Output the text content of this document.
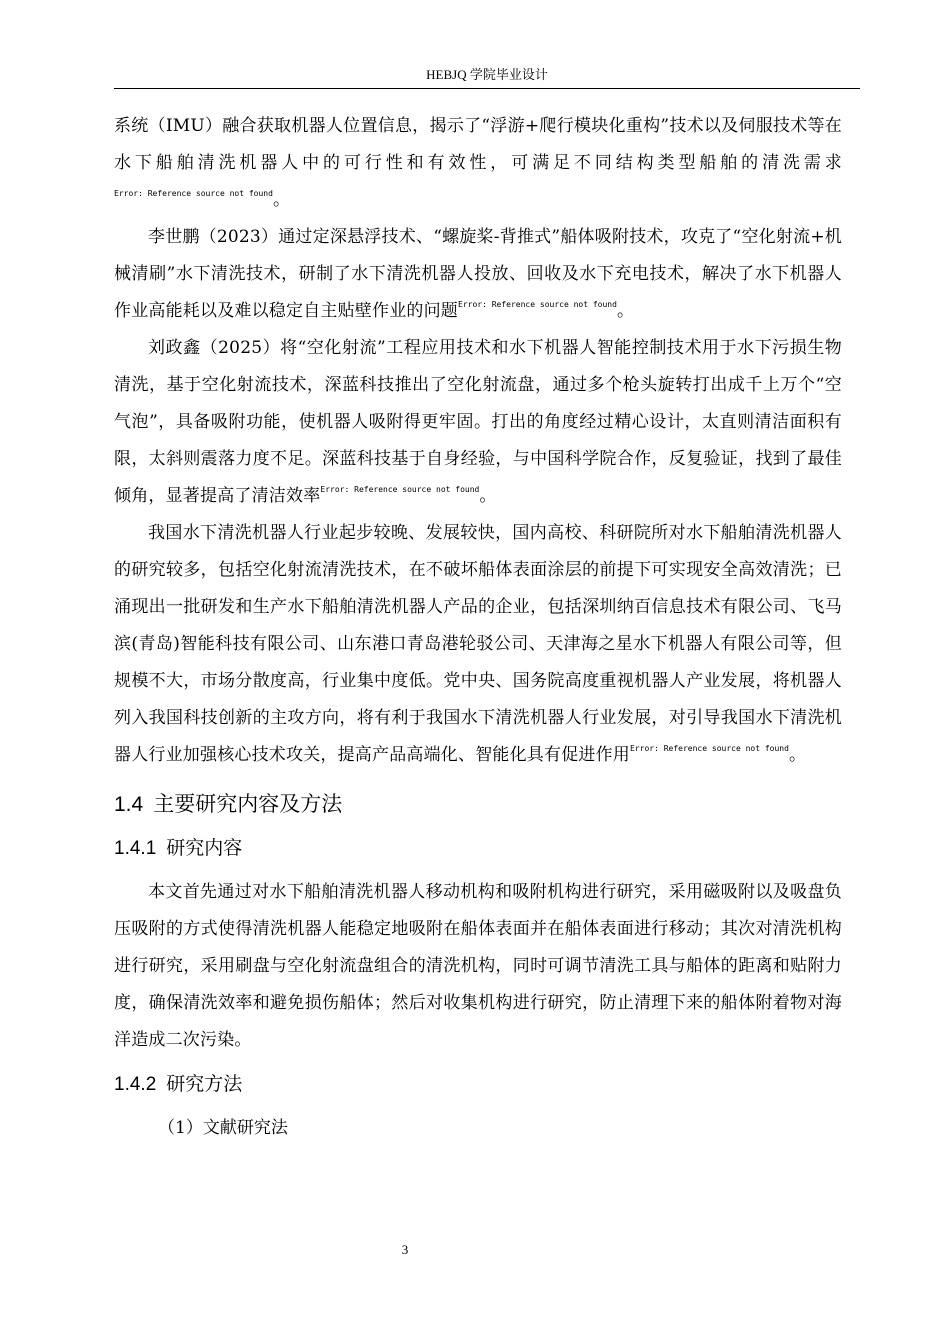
HEBJQ 学院毕业设计

系统（IMU）融合获取机器人位置信息，揭示了“浮游+爬行模块化重构”技术以及伺服技术等在水下船舶清洗机器人中的可行性和有效性，可满足不同结构类型船舶的清洗需求$^{Error: Reference source not found}$。

李世鹏（2023）通过定深悬浮技术、“螺旋桨-背推式”船体吸附技术，攻克了“空化射流+机械清刷”水下清洗技术，研制了水下清洗机器人投放、回收及水下充电技术，解决了水下机器人作业高能耗以及难以稳定自主贴壁作业的问题$^{Error: Reference source not found}$。

刘政鑫（2025）将“空化射流”工程应用技术和水下机器人智能控制技术用于水下污损生物清洗，基于空化射流技术，深蓝科技推出了空化射流盘，通过多个枪头旋转打出成千上万个“空气泡”，具备吸附功能，使机器人吸附得更牢固。打出的角度经过精心设计，太直则清洁面积有限，太斜则震落力度不足。深蓝科技基于自身经验，与中国科学院合作，反复验证，找到了最佳倾角，显著提高了清洁效率$^{Error: Reference source not found}$。

我国水下清洗机器人行业起步较晚、发展较快，国内高校、科研院所对水下船舶清洗机器人的研究较多，包括空化射流清洗技术，在不破坏船体表面涂层的前提下可实现安全高效清洗；已涌现出一批研发和生产水下船舶清洗机器人产品的企业，包括深圳纳百信息技术有限公司、飞马滨(青岛)智能科技有限公司、山东港口青岛港轮驳公司、天津海之星水下机器人有限公司等，但规模不大，市场分散度高，行业集中度低。党中央、国务院高度重视机器人产业发展，将机器人列入我国科技创新的主攻方向，将有利于我国水下清洗机器人行业发展，对引导我国水下清洗机器人行业加强核心技术攻关，提高产品高端化、智能化具有促进作用$^{Error: Reference source not found}$。

1.4 主要研究内容及方法
1.4.1 研究内容

本文首先通过对水下船舶清洗机器人移动机构和吸附机构进行研究，采用磁吸附以及吸盘负压吸附的方式使得清洗机器人能稳定地吸附在船体表面并在船体表面进行移动；其次对清洗机构进行研究，采用刷盘与空化射流盘组合的清洗机构，同时可调节清洗工具与船体的距离和贴附力度，确保清洗效率和避免损伤船体；然后对收集机构进行研究，防止清理下来的船体附着物对海洋造成二次污染。

1.4.2 研究方法

（1）文献研究法

3
